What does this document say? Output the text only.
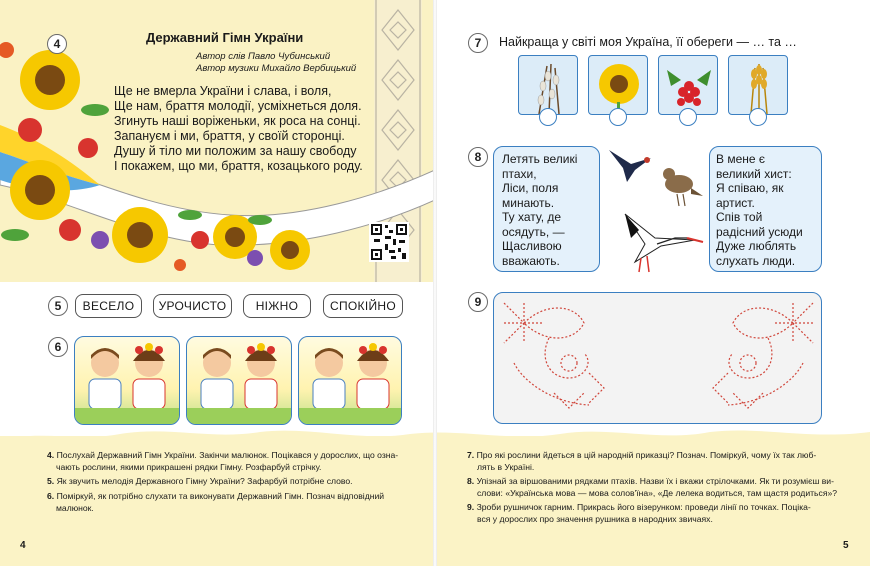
4	Державний Гімн України
Автор слів Павло Чубинський
Автор музики Михайло Вербицький
Ще не вмерла України і слава, і воля,
Ще нам, браття молодії, усміхнеться доля.
Згинуть наші воріженьки, як роса на сонці.
Запануєм і ми, браття, у своїй сторонці.
Душу й тіло ми положим за нашу свободу
І покажем, що ми, браття, козацького роду.
5	ВЕСЕЛО	УРОЧИСТО	НІЖНО	СПОКІЙНО
6
7	Найкраща у світі моя Україна, її обереги — … та …
8	Летять великі
птахи,
Ліси, поля
минають.
Ту хату, де
осядуть, —
Щасливою
вважають.
В мене є
великий хист:
Я співаю, як
артист.
Спів той
радісний усюди
Дуже люблять
слухать люди.
9
4. Послухай Державний Гімн України. Закінчи малюнок. Поцікався у дорослих, що озна-
чають рослини, якими прикрашені рядки Гімну. Розфарбуй стрічку.
5. Як звучить мелодія Державного Гімну України? Зафарбуй потрібне слово.
6. Поміркуй, як потрібно слухати та виконувати Державний Гімн. Познач відповідний
малюнок.
7. Про які рослини йдеться в цій народній приказці? Познач. Поміркуй, чому їх так люб-
лять в Україні.
8. Упізнай за віршованими рядками птахів. Назви їх і вкажи стрілочками. Як ти розумієш ви-
слови: «Українська мова — мова солов'їна», «Де лелека водиться, там щастя родиться»?
9. Зроби рушничок гарним. Прикрась його візерунком: проведи лінії по точках. Поціка-
вся у дорослих про значення рушника в народних звичаях.
4	5
